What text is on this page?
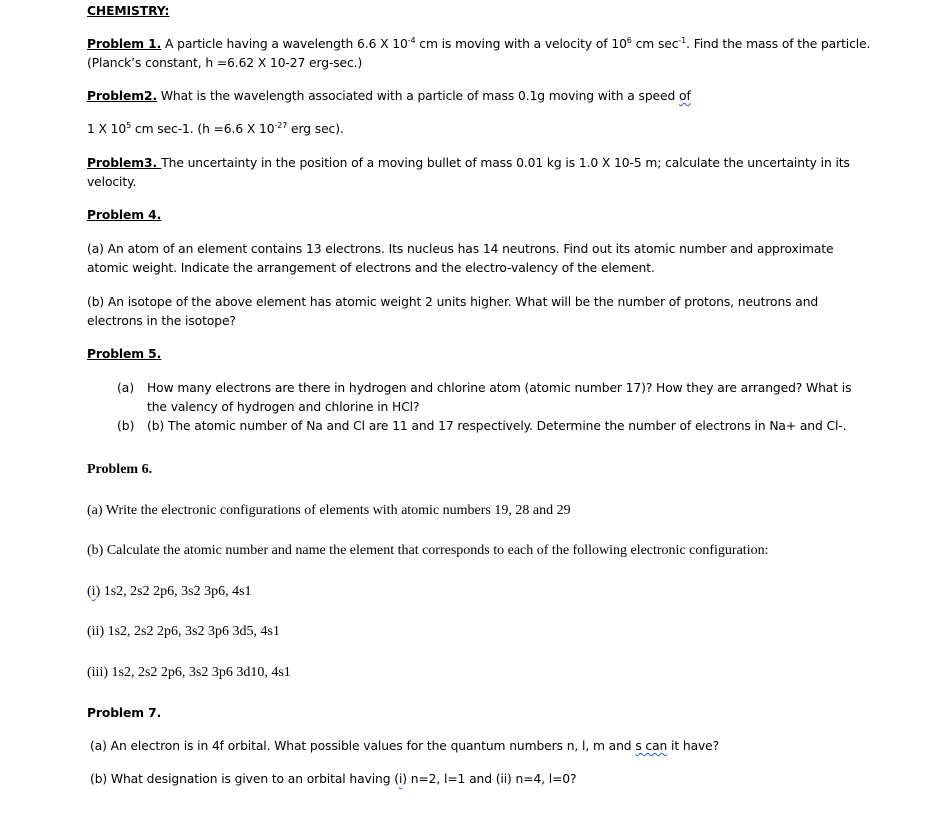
CHEMISTRY:
Problem 1. A particle having a wavelength 6.6 X $10^{-4}$ cm is moving with a velocity of $10^6$ cm $\sec^{-1}$. Find the mass of the particle.
(Planck’s constant, h =6.62 X 10-27 erg-sec.)
Problem2. What is the wavelength associated with a particle of mass 0.1g moving with a speed of
1 X $10^5$ cm sec-1. (h =6.6 X $10^{-27}$ erg sec).
Problem3. The uncertainty in the position of a moving bullet of mass 0.01 kg is 1.0 X 10-5 m; calculate the uncertainty in its
velocity.
Problem 4.
(a) An atom of an element contains 13 electrons. Its nucleus has 14 neutrons. Find out its atomic number and approximate
atomic weight. Indicate the arrangement of electrons and the electro-valency of the element.
(b) An isotope of the above element has atomic weight 2 units higher. What will be the number of protons, neutrons and
electrons in the isotope?
Problem 5.
(a) How many electrons are there in hydrogen and chlorine atom (atomic number 17)? How they are arranged? What is
the valency of hydrogen and chlorine in HCl?
(b) (b) The atomic number of Na and Cl are 11 and 17 respectively. Determine the number of electrons in Na+ and Cl-.
Problem 6.
(a) Write the electronic configurations of elements with atomic numbers 19, 28 and 29
(b) Calculate the atomic number and name the element that corresponds to each of the following electronic configuration:
(i) 1s2, 2s2 2p6, 3s2 3p6, 4s1
(ii) 1s2, 2s2 2p6, 3s2 3p6 3d5, 4s1
(iii) 1s2, 2s2 2p6, 3s2 3p6 3d10, 4s1
Problem 7.
(a) An electron is in 4f orbital. What possible values for the quantum numbers n, l, m and s can it have?
(b) What designation is given to an orbital having (i) n=2, l=1 and (ii) n=4, l=0?
